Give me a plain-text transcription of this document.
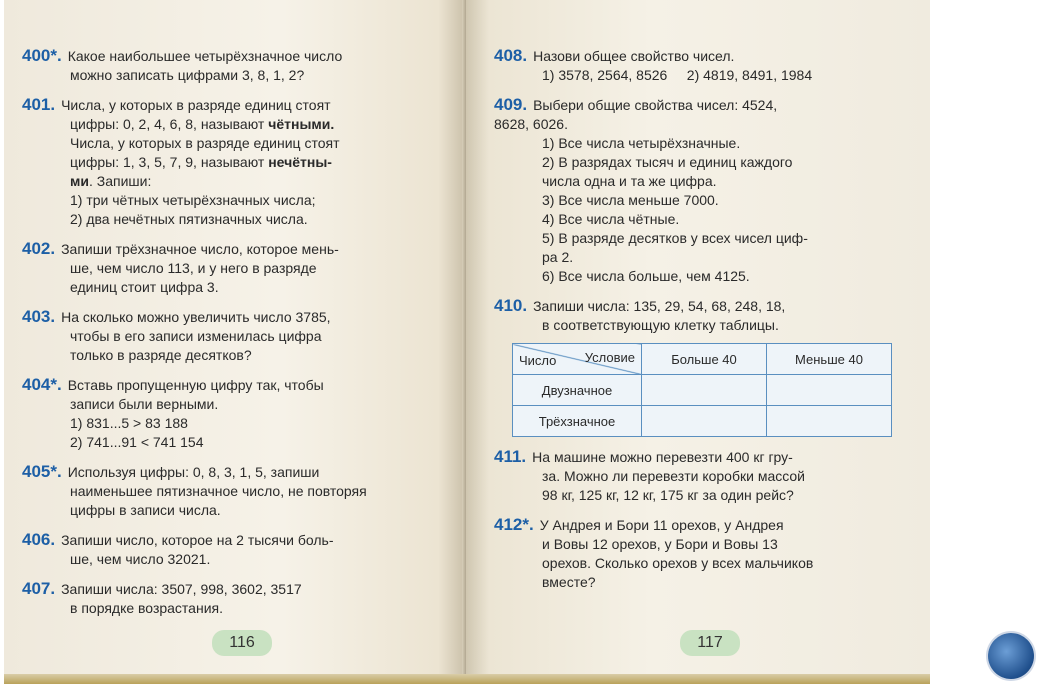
400*. Какое наибольшее четырёхзначное число
можно записать цифрами 3, 8, 1, 2?
401. Числа, у которых в разряде единиц стоят
цифры: 0, 2, 4, 6, 8, называют чётными.
Числа, у которых в разряде единиц стоят
цифры: 1, 3, 5, 7, 9, называют нечётны-
ми. Запиши:
1) три чётных четырёхзначных числа;
2) два нечётных пятизначных числа.
402. Запиши трёхзначное число, которое мень-
ше, чем число 113, и у него в разряде
единиц стоит цифра 3.
403. На сколько можно увеличить число 3785,
чтобы в его записи изменилась цифра
только в разряде десятков?
404*. Вставь пропущенную цифру так, чтобы
записи были верными.
1) 831...5 > 83 188
2) 741...91 < 741 154
405*. Используя цифры: 0, 8, 3, 1, 5, запиши
наименьшее пятизначное число, не повторяя
цифры в записи числа.
406. Запиши число, которое на 2 тысячи боль-
ше, чем число 32021.
407. Запиши числа: 3507, 998, 3602, 3517
в порядке возрастания.
116
408. Назови общее свойство чисел.
1) 3578, 2564, 8526 2) 4819, 8491, 1984
409. Выбери общие свойства чисел: 4524,
8628, 6026.
1) Все числа четырёхзначные.
2) В разрядах тысяч и единиц каждого
числа одна и та же цифра.
3) Все числа меньше 7000.
4) Все числа чётные.
5) В разряде десятков у всех чисел циф-
ра 2.
6) Все числа больше, чем 4125.
410. Запиши числа: 135, 29, 54, 68, 248, 18,
в соответствующую клетку таблицы.
Условие
Число	Больше 40	Меньше 40
Двузначное		
Трёхзначное		
411. На машине можно перевезти 400 кг гру-
за. Можно ли перевезти коробки массой
98 кг, 125 кг, 12 кг, 175 кг за один рейс?
412*. У Андрея и Бори 11 орехов, у Андрея
и Вовы 12 орехов, у Бори и Вовы 13
орехов. Сколько орехов у всех мальчиков
вместе?
117
